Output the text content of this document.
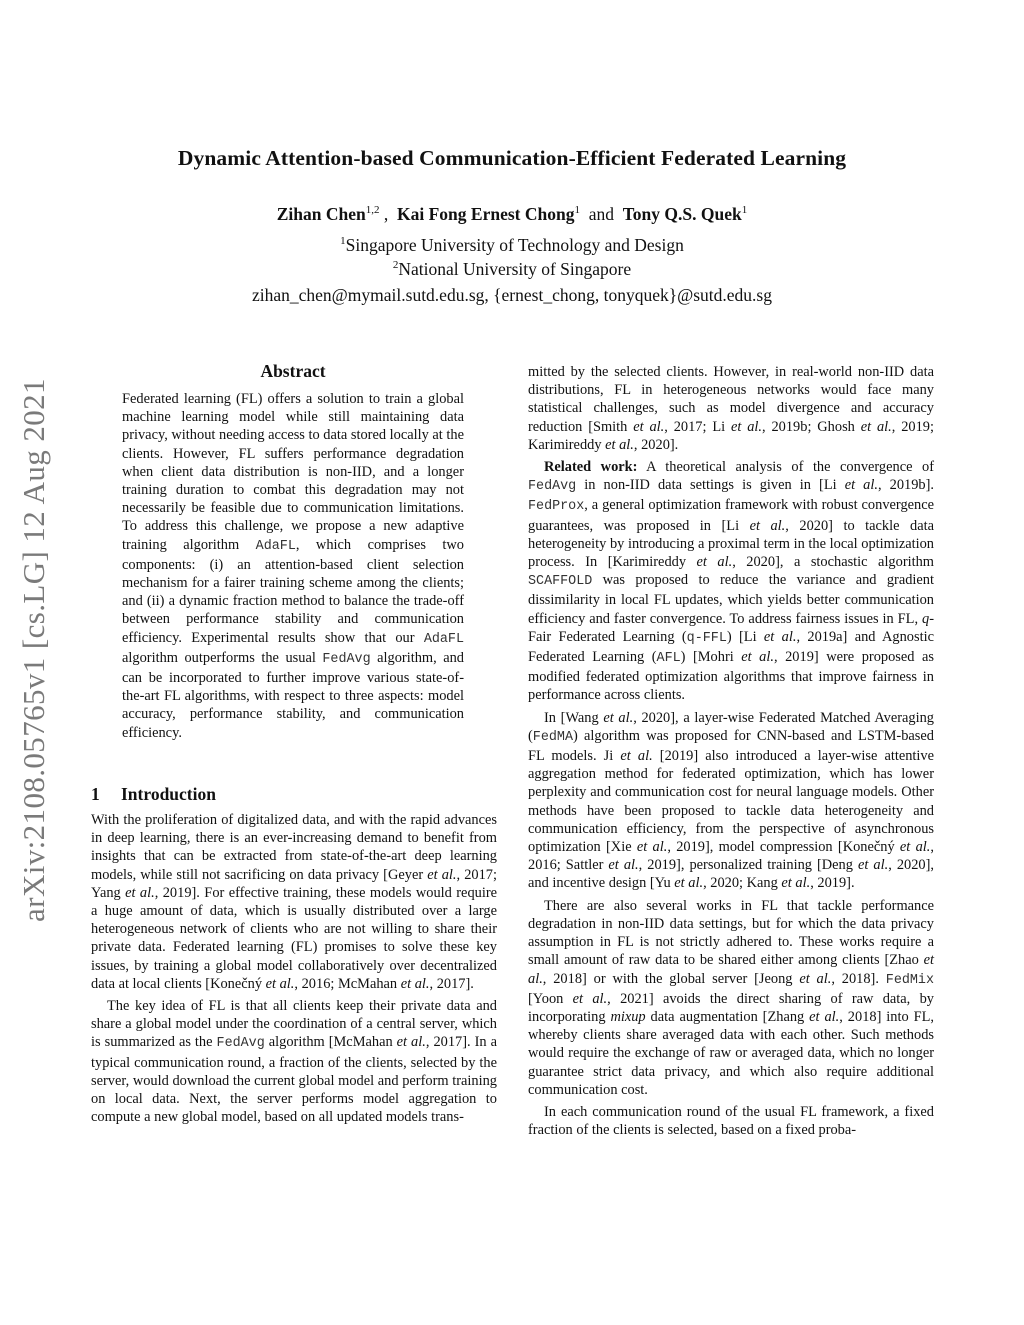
arXiv:2108.05765v1 [cs.LG] 12 Aug 2021
Dynamic Attention-based Communication-Efficient Federated Learning
Zihan Chen$^{1,2}$ ,  Kai Fong Ernest Chong$^1$  and  Tony Q.S. Quek$^1$
$^1$Singapore University of Technology and Design
$^2$National University of Singapore
zihan_chen@mymail.sutd.edu.sg, {ernest_chong, tonyquek}@sutd.edu.sg
Abstract

Federated learning (FL) offers a solution to train a global machine learning model while still maintaining data privacy, without needing access to data stored locally at the clients. However, FL suffers performance degradation when client data distribution is non-IID, and a longer training duration to combat this degradation may not necessarily be feasible due to communication limitations. To address this challenge, we propose a new adaptive training algorithm AdaFL, which comprises two components: (i) an attention-based client selection mechanism for a fairer training scheme among the clients; and (ii) a dynamic fraction method to balance the trade-off between performance stability and communication efficiency. Experimental results show that our AdaFL algorithm outperforms the usual FedAvg algorithm, and can be incorporated to further improve various state-of-the-art FL algorithms, with respect to three aspects: model accuracy, performance stability, and communication efficiency.

1 Introduction

With the proliferation of digitalized data, and with the rapid advances in deep learning, there is an ever-increasing demand to benefit from insights that can be extracted from state-of-the-art deep learning models, while still not sacrificing on data privacy [Geyer et al., 2017; Yang et al., 2019]. For effective training, these models would require a huge amount of data, which is usually distributed over a large heterogeneous network of clients who are not willing to share their private data. Federated learning (FL) promises to solve these key issues, by training a global model collaboratively over decentralized data at local clients [Konečný et al., 2016; McMahan et al., 2017].

The key idea of FL is that all clients keep their private data and share a global model under the coordination of a central server, which is summarized as the FedAvg algorithm [McMahan et al., 2017]. In a typical communication round, a fraction of the clients, selected by the server, would download the current global model and perform training on local data. Next, the server performs model aggregation to compute a new global model, based on all updated models trans-

mitted by the selected clients. However, in real-world non-IID data distributions, FL in heterogeneous networks would face many statistical challenges, such as model divergence and accuracy reduction [Smith et al., 2017; Li et al., 2019b; Ghosh et al., 2019; Karimireddy et al., 2020].

Related work: A theoretical analysis of the convergence of FedAvg in non-IID data settings is given in [Li et al., 2019b]. FedProx, a general optimization framework with robust convergence guarantees, was proposed in [Li et al., 2020] to tackle data heterogeneity by introducing a proximal term in the local optimization process. In [Karimireddy et al., 2020], a stochastic algorithm SCAFFOLD was proposed to reduce the variance and gradient dissimilarity in local FL updates, which yields better communication efficiency and faster convergence. To address fairness issues in FL, q-Fair Federated Learning (q-FFL) [Li et al., 2019a] and Agnostic Federated Learning (AFL) [Mohri et al., 2019] were proposed as modified federated optimization algorithms that improve fairness in performance across clients.

In [Wang et al., 2020], a layer-wise Federated Matched Averaging (FedMA) algorithm was proposed for CNN-based and LSTM-based FL models. Ji et al. [2019] also introduced a layer-wise attentive aggregation method for federated optimization, which has lower perplexity and communication cost for neural language models. Other methods have been proposed to tackle data heterogeneity and communication efficiency, from the perspective of asynchronous optimization [Xie et al., 2019], model compression [Konečný et al., 2016; Sattler et al., 2019], personalized training [Deng et al., 2020], and incentive design [Yu et al., 2020; Kang et al., 2019].

There are also several works in FL that tackle performance degradation in non-IID data settings, but for which the data privacy assumption in FL is not strictly adhered to. These works require a small amount of raw data to be shared either among clients [Zhao et al., 2018] or with the global server [Jeong et al., 2018]. FedMix [Yoon et al., 2021] avoids the direct sharing of raw data, by incorporating mixup data augmentation [Zhang et al., 2018] into FL, whereby clients share averaged data with each other. Such methods would require the exchange of raw or averaged data, which no longer guarantee strict data privacy, and which also require additional communication cost.

In each communication round of the usual FL framework, a fixed fraction of the clients is selected, based on a fixed proba-
